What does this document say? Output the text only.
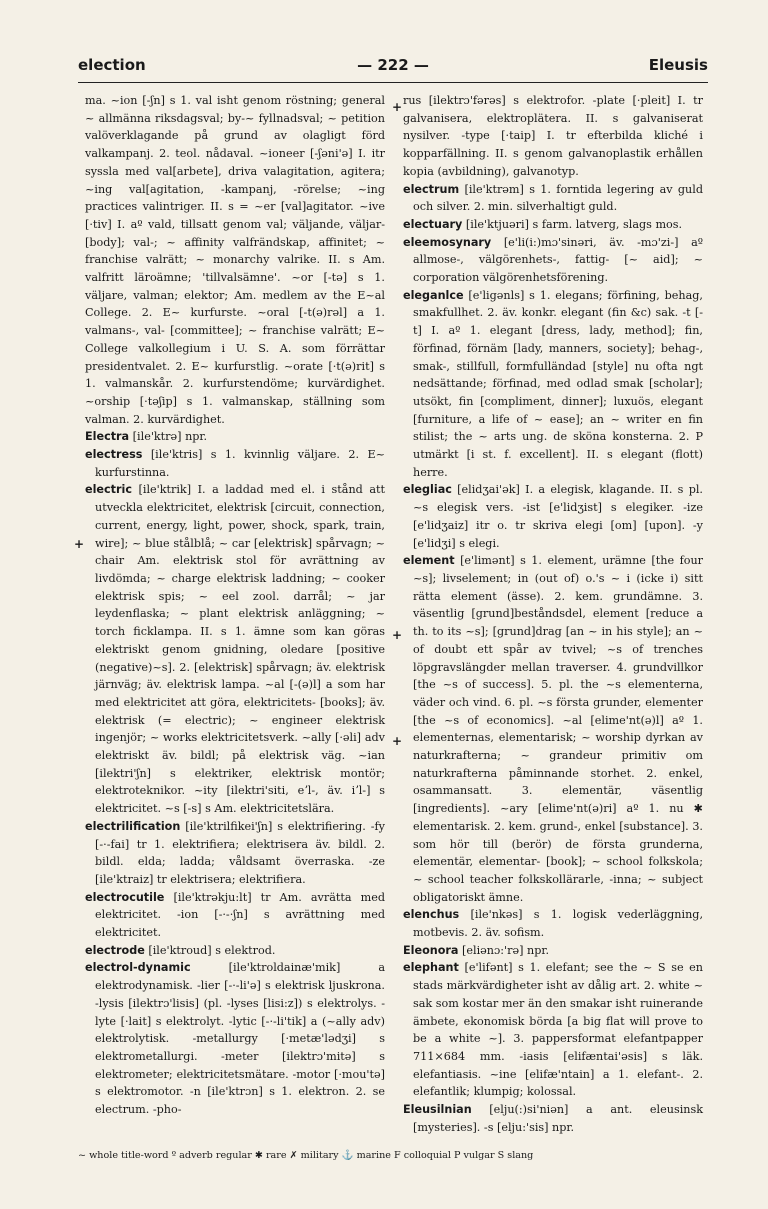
election	— 222 —	Eleusis

ma. ~ion [-ʃn] s 1. val isht genom röstning; general ~ allmänna riksdagsval; by-~ fyllnadsval; ~ petition valöverklagande på grund av olagligt förd valkampanj. 2. teol. nådaval. ~ioneer [-ʃəni'ə] I. itr syssla med val[arbete], driva valagitation, agitera; ~ing val[agitation, -kampanj, -rörelse; ~ing practices valintriger. II. s = ~er [val]agitator. ~ive [·tiv] I. aº vald, tillsatt genom val; väljande, väljar- [body]; val-; ~ affinity valfrändskap, affinitet; ~ franchise valrätt; ~ monarchy valrike. II. s Am. valfritt läroämne; 'tillvalsämne'. ~or [-tə] s 1. väljare, valman; elektor; Am. medlem av the E~al College. 2. E~ kurfurste. ~oral [-t(ə)rəl] a 1. valmans-, val- [committee]; ~ franchise valrätt; E~ College valkollegium i U. S. A. som förrättar presidentvalet. 2. E~ kurfurstlig. ~orate [·t(ə)rit] s 1. valmanskår. 2. kurfurstendöme; kurvärdighet. ~orship [·təʃip] s 1. valmanskap, ställning som valman. 2. kurvärdighet.

Electra [ile'ktrə] npr.

electress [ile'ktris] s 1. kvinnlig väljare. 2. E~ kurfurstinna.

electric [ile'ktrik] I. a laddad med el. i stånd att utveckla elektricitet, elektrisk [circuit, connection, current, energy, light, power, shock, spark, train, wire]; ~ blue stålblå; ~ car [elektrisk] spårvagn; ~ chair Am. elektrisk stol för avrättning av livdömda; ~ charge elektrisk laddning; ~ cooker elektrisk spis; ~ eel zool. darrål; ~ jar leydenflaska; ~ plant elektrisk anläggning; ~ torch ficklampa. II. s 1. ämne som kan göras elektriskt genom gnidning, oledare [positive (negative)~s]. 2. [elektrisk] spårvagn; äv. elektrisk järnväg; äv. elektrisk lampa. ~al [-(ə)l] a som har med elektricitet att göra, elektricitets- [books]; äv. elektrisk (= electric); ~ engineer elektrisk ingenjör; ~ works elektricitetsverk. ~ally [·əli] adv elektriskt äv. bildl; på elektrisk väg. ~ian [ilektri'ʃn] s elektriker, elektrisk montör; elektroteknikor. ~ity [ilektri'siti, eʼl-, äv. iʼl-] s elektricitet. ~s [-s] s Am. elektricitetslära.

electrilification [ile'ktrilfikei'ʃn] s elektrifiering. -fy [-·-fai] tr 1. elektrifiera; elektrisera äv. bildl. 2. bildl. elda; ladda; våldsamt överraska. -ze [ile'ktraiz] tr elektrisera; elektrifiera.

electrocutile [ile'ktrəkju:lt] tr Am. avrätta med elektricitet. -ion [-·-·ʃn] s avrättning med elektricitet.

electrode [ile'ktroud] s elektrod.

electrol-dynamic [ile'ktroldainæ'mik] a elektrodynamisk. -lier [-·-li'ə] s elektrisk ljuskrona. -lysis [ilektrɔ'lisis] (pl. -lyses [lisi:z]) s elektrolys. -lyte [·lait] s elektrolyt. -lytic [-·-li'tik] a (~ally adv) elektrolytisk. -metallurgy [·metæ'lədʒi] s elektrometallurgi. -meter [ilektrɔ'mitə] s elektrometer; elektricitetsmätare. -motor [·mou'tə] s elektromotor. -n [ile'ktrɔn] s 1. elektron. 2. se electrum. -pho-

rus [ilektrɔ'fərəs] s elektrofor. -plate [·pleit] I. tr galvanisera, elektroplätera. II. s galvaniserat nysilver. -type [·taip] I. tr efterbilda kliché i kopparfällning. II. s genom galvanoplastik erhållen kopia (avbildning), galvanotyp.

electrum [ile'ktrəm] s 1. forntida legering av guld och silver. 2. min. silverhaltigt guld.

electuary [ile'ktjuəri] s farm. latverg, slags mos.

eleemosynary [e'li(i:)mɔ'sinəri, äv. -mɔ'zi-] aº allmose-, välgörenhets-, fattig- [~ aid]; ~ corporation välgörenhetsförening.

eleganlce [e'ligənls] s 1. elegans; förfining, behag, smakfullhet. 2. äv. konkr. elegant (fin &c) sak. -t [-t] I. aº 1. elegant [dress, lady, method]; fin, förfinad, förnäm [lady, manners, society]; behag-, smak-, stillfull, formfulländad [style] nu ofta ngt nedsättande; förfinad, med odlad smak [scholar]; utsökt, fin [compliment, dinner]; luxuös, elegant [furniture, a life of ~ ease]; an ~ writer en fin stilist; the ~ arts ung. de sköna konsterna. 2. P utmärkt [i st. f. excellent]. II. s elegant (flott) herre.

elegliac [elidʒai'ək] I. a elegisk, klagande. II. s pl. ~s elegisk vers. -ist [e'lidʒist] s elegiker. -ize [e'lidʒaiz] itr o. tr skriva elegi [om] [upon]. -y [e'lidʒi] s elegi.

element [e'limənt] s 1. element, urämne [the four ~s]; livselement; in (out of) o.'s ~ i (icke i) sitt rätta element (ässe). 2. kem. grundämne. 3. väsentlig [grund]beståndsdel, element [reduce a th. to its ~s]; [grund]drag [an ~ in his style]; an ~ of doubt ett spår av tvivel; ~s of trenches löpgravslängder mellan traverser. 4. grundvillkor [the ~s of success]. 5. pl. the ~s elementerna, väder och vind. 6. pl. ~s första grunder, elementer [the ~s of economics]. ~al [elime'nt(ə)l] aº 1. elementernas, elementarisk; ~ worship dyrkan av naturkrafterna; ~ grandeur primitiv om naturkrafterna påminnande storhet. 2. enkel, osammansatt. 3. elementär, väsentlig [ingredients]. ~ary [elime'nt(ə)ri] aº 1. nu ✱ elementarisk. 2. kem. grund-, enkel [substance]. 3. som hör till (berör) de första grunderna, elementär, elementar- [book]; ~ school folkskola; ~ school teacher folkskollärarle, -inna; ~ subject obligatoriskt ämne.

elenchus [ile'nkəs] s 1. logisk vederläggning, motbevis. 2. äv. sofism.

Eleonora [eliənɔ:'rə] npr.

elephant [e'lifənt] s 1. elefant; see the ~ S se en stads märkvärdigheter isht av dålig art. 2. white ~ sak som kostar mer än den smakar isht ruinerande ämbete, ekonomisk börda [a big flat will prove to be a white ~]. 3. pappersformat elefantpapper 711×684 mm. -iasis [elifæntai'əsis] s läk. elefantiasis. ~ine [elifæ'ntain] a 1. elefant-. 2. elefantlik; klumpig; kolossal.

Eleusilnian [elju(:)si'niən] a ant. eleusinsk [mysteries]. -s [elju:'sis] npr.

+
+
+
+
~ whole title-word º adverb regular ✱ rare ✗ military ⚓ marine F colloquial P vulgar S slang
